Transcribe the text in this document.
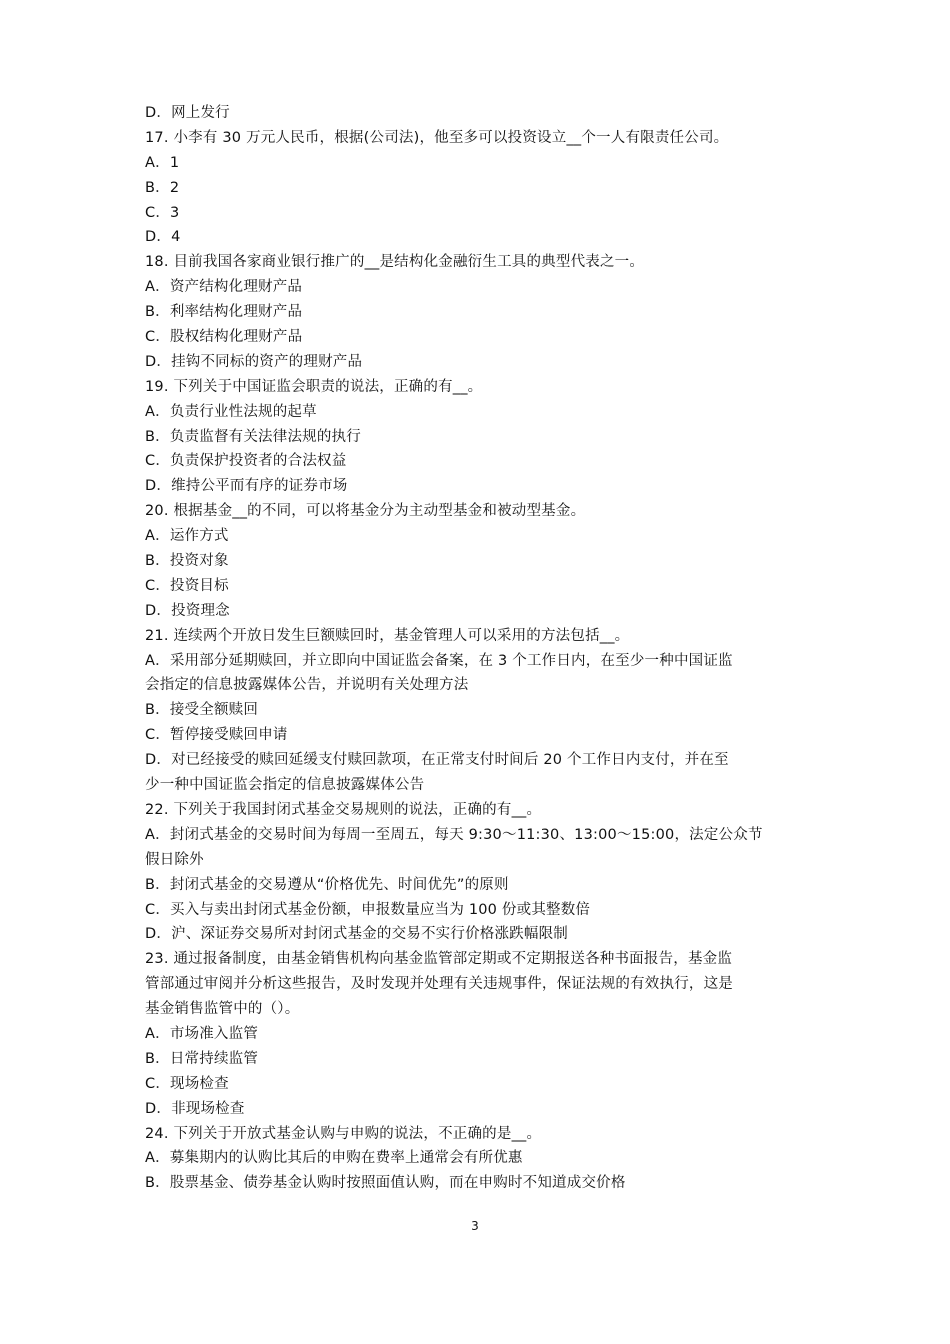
D．网上发行
17. 小李有 30 万元人民币，根据(公司法)，他至多可以投资设立__个一人有限责任公司。
A．1
B．2
C．3
D．4
18. 目前我国各家商业银行推广的__是结构化金融衍生工具的典型代表之一。
A．资产结构化理财产品
B．利率结构化理财产品
C．股权结构化理财产品
D．挂钩不同标的资产的理财产品
19. 下列关于中国证监会职责的说法，正确的有__。
A．负责行业性法规的起草
B．负责监督有关法律法规的执行
C．负责保护投资者的合法权益
D．维持公平而有序的证券市场
20. 根据基金__的不同，可以将基金分为主动型基金和被动型基金。
A．运作方式
B．投资对象
C．投资目标
D．投资理念
21. 连续两个开放日发生巨额赎回时，基金管理人可以采用的方法包括__。
A．采用部分延期赎回，并立即向中国证监会备案，在 3 个工作日内，在至少一种中国证监
会指定的信息披露媒体公告，并说明有关处理方法
B．接受全额赎回
C．暂停接受赎回申请
D．对已经接受的赎回延缓支付赎回款项，在正常支付时间后 20 个工作日内支付，并在至
少一种中国证监会指定的信息披露媒体公告
22. 下列关于我国封闭式基金交易规则的说法，正确的有__。
A．封闭式基金的交易时间为每周一至周五，每天 9:30～11:30、13:00～15:00，法定公众节
假日除外
B．封闭式基金的交易遵从“价格优先、时间优先”的原则
C．买入与卖出封闭式基金份额，申报数量应当为 100 份或其整数倍
D．沪、深证券交易所对封闭式基金的交易不实行价格涨跌幅限制
23. 通过报备制度，由基金销售机构向基金监管部定期或不定期报送各种书面报告，基金监
管部通过审阅并分析这些报告，及时发现并处理有关违规事件，保证法规的有效执行，这是
基金销售监管中的（）。
A．市场准入监管
B．日常持续监管
C．现场检查
D．非现场检查
24. 下列关于开放式基金认购与申购的说法，不正确的是__。
A．募集期内的认购比其后的申购在费率上通常会有所优惠
B．股票基金、债券基金认购时按照面值认购，而在申购时不知道成交价格
3
